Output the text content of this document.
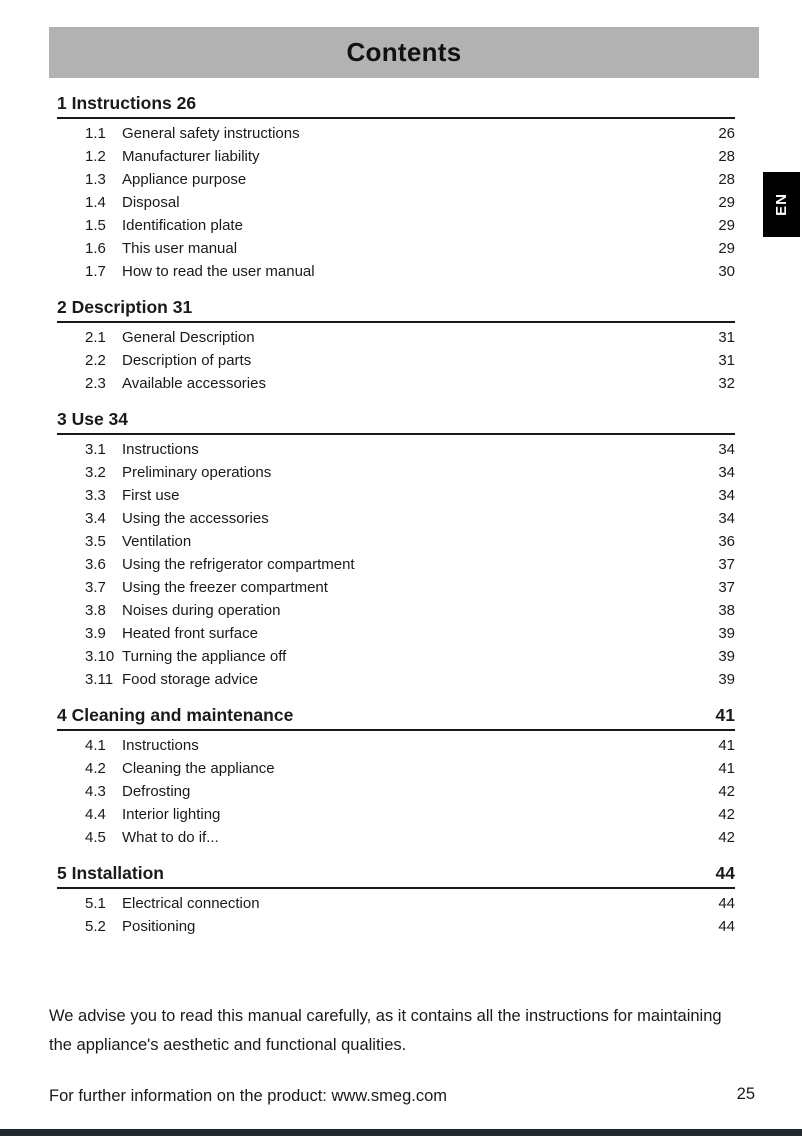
Contents
1 Instructions 26
1.1	General safety instructions	26
1.2	Manufacturer liability	28
1.3	Appliance purpose	28
1.4	Disposal	29
1.5	Identification plate	29
1.6	This user manual	29
1.7	How to read the user manual	30
2 Description 31
2.1	General Description	31
2.2	Description of parts	31
2.3	Available accessories	32
3 Use 34
3.1	Instructions	34
3.2	Preliminary operations	34
3.3	First use	34
3.4	Using the accessories	34
3.5	Ventilation	36
3.6	Using the refrigerator compartment	37
3.7	Using the freezer compartment	37
3.8	Noises during operation	38
3.9	Heated front surface	39
3.10 Turning the appliance off	39
3.11 Food storage advice	39
4 Cleaning and maintenance	41
4.1	Instructions	41
4.2	Cleaning the appliance	41
4.3	Defrosting	42
4.4	Interior lighting	42
4.5	What to do if...	42
5 Installation	44
5.1	Electrical connection	44
5.2	Positioning	44
EN
We advise you to read this manual carefully, as it contains all the instructions for maintaining
the appliance's aesthetic and functional qualities.
For further information on the product: www.smeg.com	25
